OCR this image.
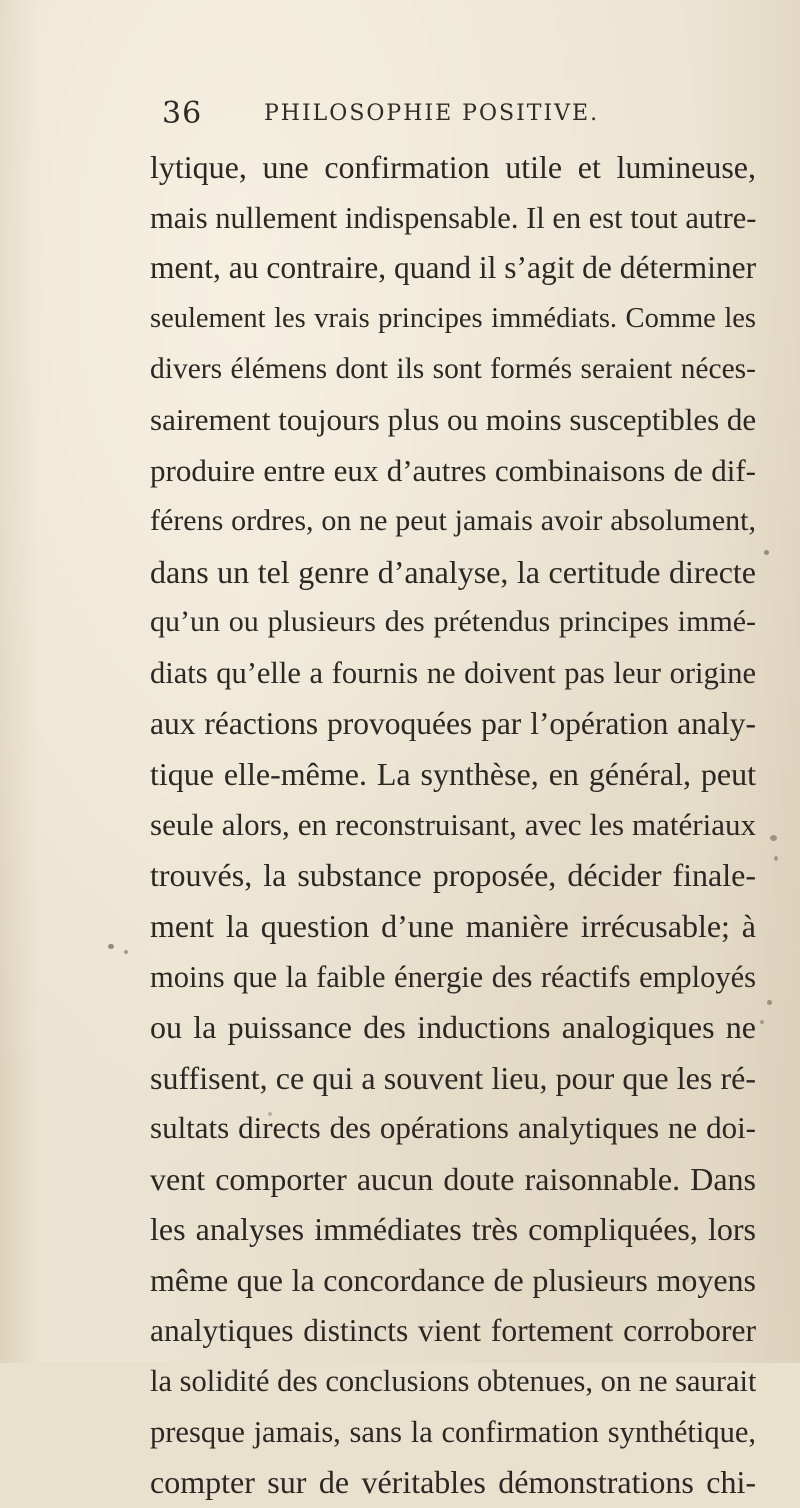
36	PHILOSOPHIE POSITIVE.
lytique, une confirmation utile et lumineuse,
mais nullement indispensable. Il en est tout autre-
ment, au contraire, quand il s’agit de déterminer
seulement les vrais principes immédiats. Comme les
divers élémens dont ils sont formés seraient néces-
sairement toujours plus ou moins susceptibles de
produire entre eux d’autres combinaisons de dif-
férens ordres, on ne peut jamais avoir absolument,
dans un tel genre d’analyse, la certitude directe
qu’un ou plusieurs des prétendus principes immé-
diats qu’elle a fournis ne doivent pas leur origine
aux réactions provoquées par l’opération analy-
tique elle-même. La synthèse, en général, peut
seule alors, en reconstruisant, avec les matériaux
trouvés, la substance proposée, décider finale-
ment la question d’une manière irrécusable; à
moins que la faible énergie des réactifs employés
ou la puissance des inductions analogiques ne
suffisent, ce qui a souvent lieu, pour que les ré-
sultats directs des opérations analytiques ne doi-
vent comporter aucun doute raisonnable. Dans
les analyses immédiates très compliquées, lors
même que la concordance de plusieurs moyens
analytiques distincts vient fortement corroborer
la solidité des conclusions obtenues, on ne saurait
presque jamais, sans la confirmation synthétique,
compter sur de véritables démonstrations chi-
